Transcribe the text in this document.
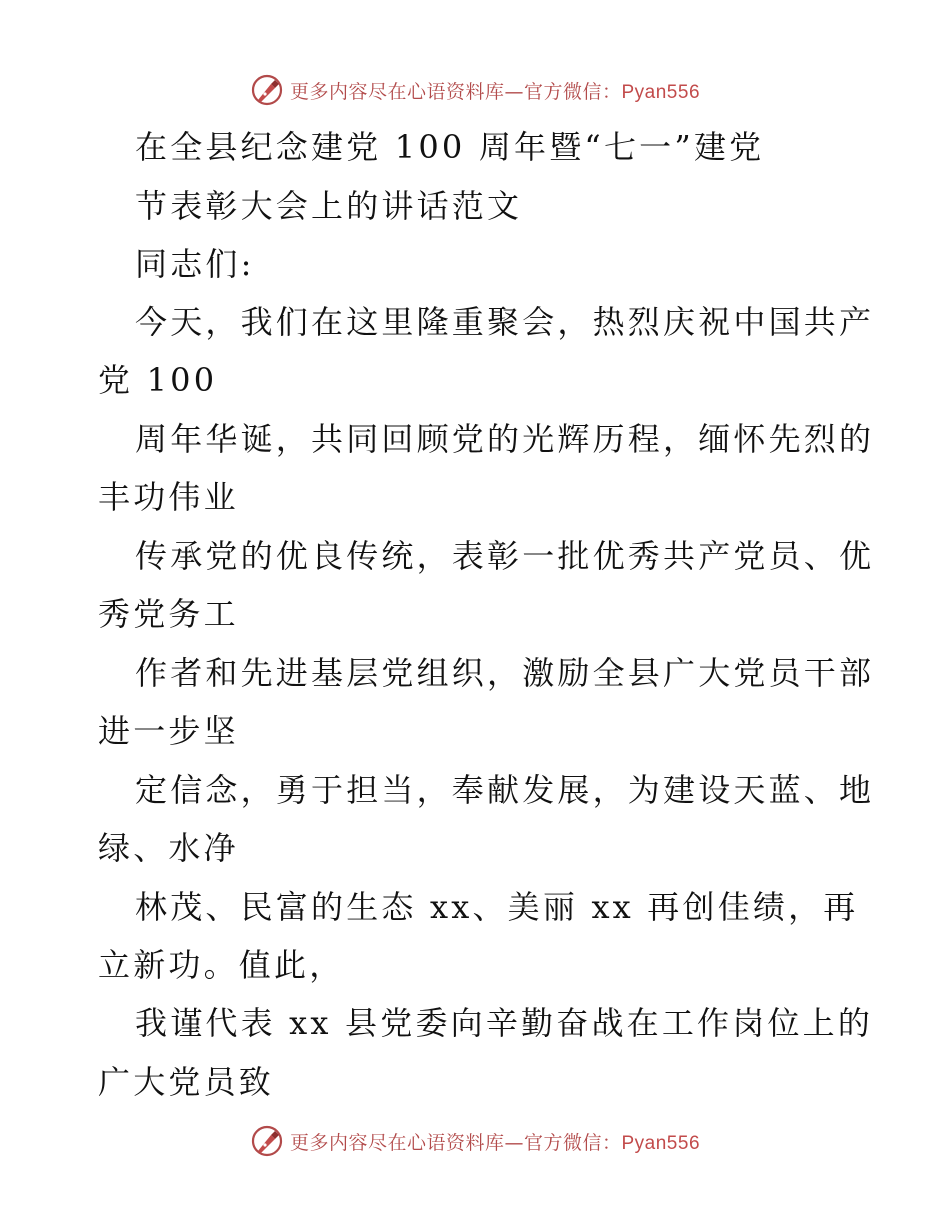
更多内容尽在心语资料库—官方微信：Pyan556
在全县纪念建党 100 周年暨“七一”建党
节表彰大会上的讲话范文
同志们:
今天，我们在这里隆重聚会，热烈庆祝中国共产
党 100
周年华诞，共同回顾党的光辉历程，缅怀先烈的
丰功伟业
传承党的优良传统，表彰一批优秀共产党员、优
秀党务工
作者和先进基层党组织，激励全县广大党员干部
进一步坚
定信念，勇于担当，奉献发展，为建设天蓝、地
绿、水净
林茂、民富的生态 xx、美丽 xx 再创佳绩，再
立新功。值此，
我谨代表 xx 县党委向辛勤奋战在工作岗位上的
广大党员致
更多内容尽在心语资料库—官方微信：Pyan556
